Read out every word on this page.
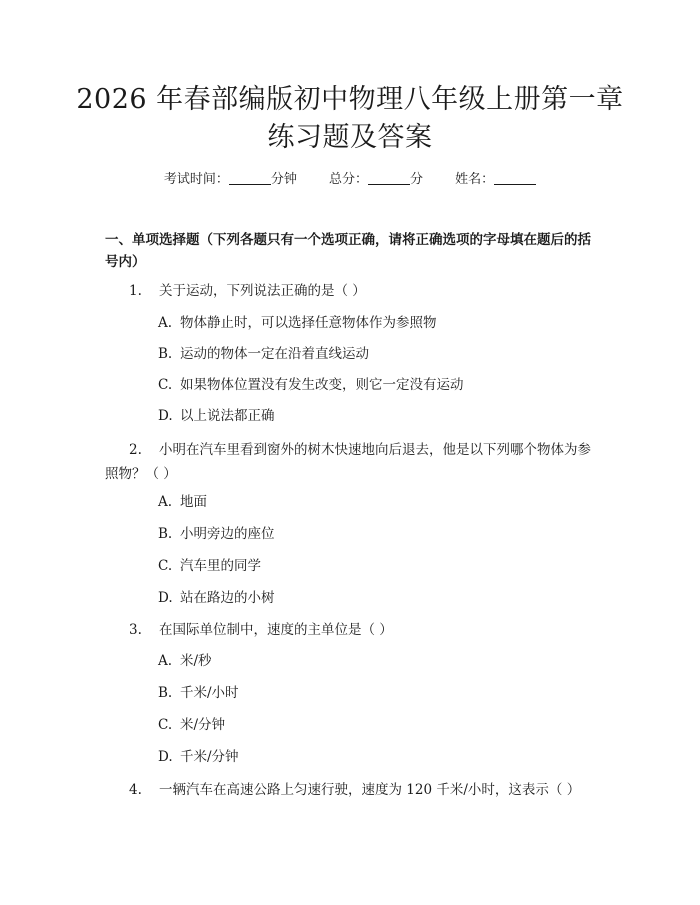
2026 年春部编版初中物理八年级上册第一章
练习题及答案
考试时间：	分钟 总分：	分 姓名：
一、单项选择题（下列各题只有一个选项正确，请将正确选项的字母填在题后的括号内）
1. 关于运动，下列说法正确的是（ ）
A. 物体静止时，可以选择任意物体作为参照物
B. 运动的物体一定在沿着直线运动
C. 如果物体位置没有发生改变，则它一定没有运动
D. 以上说法都正确
2. 小明在汽车里看到窗外的树木快速地向后退去，他是以下列哪个物体为参照物？（ ）
A. 地面
B. 小明旁边的座位
C. 汽车里的同学
D. 站在路边的小树
3. 在国际单位制中，速度的主单位是（ ）
A. 米/秒
B. 千米/小时
C. 米/分钟
D. 千米/分钟
4. 一辆汽车在高速公路上匀速行驶，速度为 120 千米/小时，这表示（ ）
